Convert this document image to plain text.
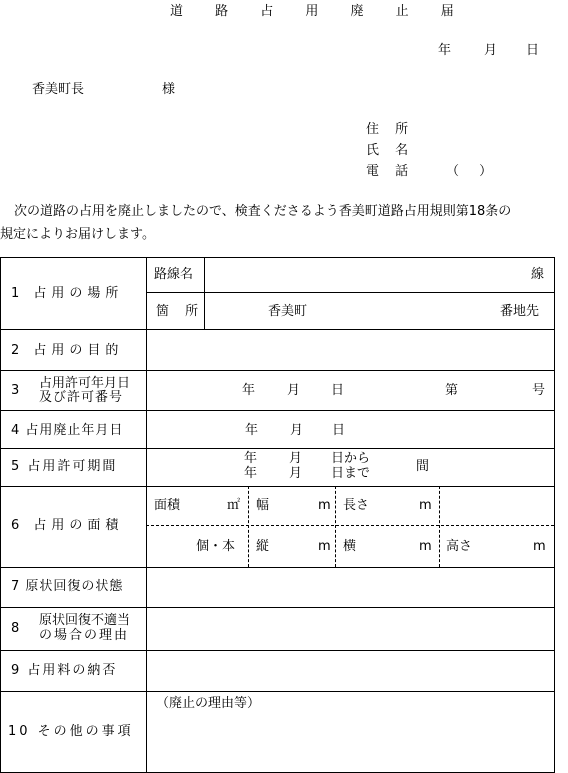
道 路 占 用 廃 止 届
年	月 日
香美町長	様
住 所
氏 名
電 話 （ ）
次の道路の占用を廃止しましたので、検査くださるよう香美町道路占用規則第18条の
規定によりお届けします。
1 占用の場所
路線名	線
箇 所	香美町	番地先
2 占用の目的
3 占用許可年月日
及び許可番号	年 月 日	第	号
4 占用廃止年月日	年 月 日
5 占用許可期間
年 月 日から
年 月 日まで	間
6 占用の面積
面積	㎡ 幅	m 長さ	m
個・本 縦	m 横	m 高さ	m
7 原状回復の状態
8
原状回復不適当
の場合の理由
9 占用料の納否
10 その他の事項
（廃止の理由等）
